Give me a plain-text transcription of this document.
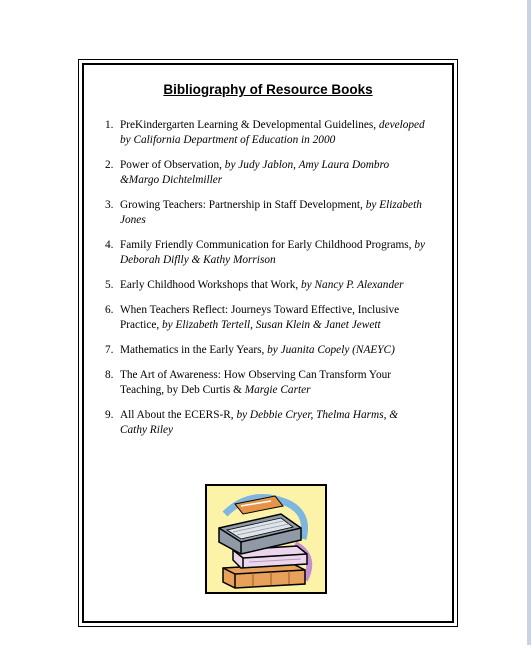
Bibliography of Resource Books
1. PreKindergarten Learning & Developmental Guidelines, developed by California Department of Education in 2000
2. Power of Observation, by Judy Jablon, Amy Laura Dombro &Margo Dichtelmiller
3. Growing Teachers: Partnership in Staff Development, by Elizabeth Jones
4. Family Friendly Communication for Early Childhood Programs, by Deborah Diflly & Kathy Morrison
5. Early Childhood Workshops that Work, by Nancy P. Alexander
6. When Teachers Reflect: Journeys Toward Effective, Inclusive Practice, by Elizabeth Tertell, Susan Klein & Janet Jewett
7. Mathematics in the Early Years, by Juanita Copely (NAEYC)
8. The Art of Awareness: How Observing Can Transform Your Teaching, by Deb Curtis & Margie Carter
9. All About the ECERS-R, by Debbie Cryer, Thelma Harms, & Cathy Riley
